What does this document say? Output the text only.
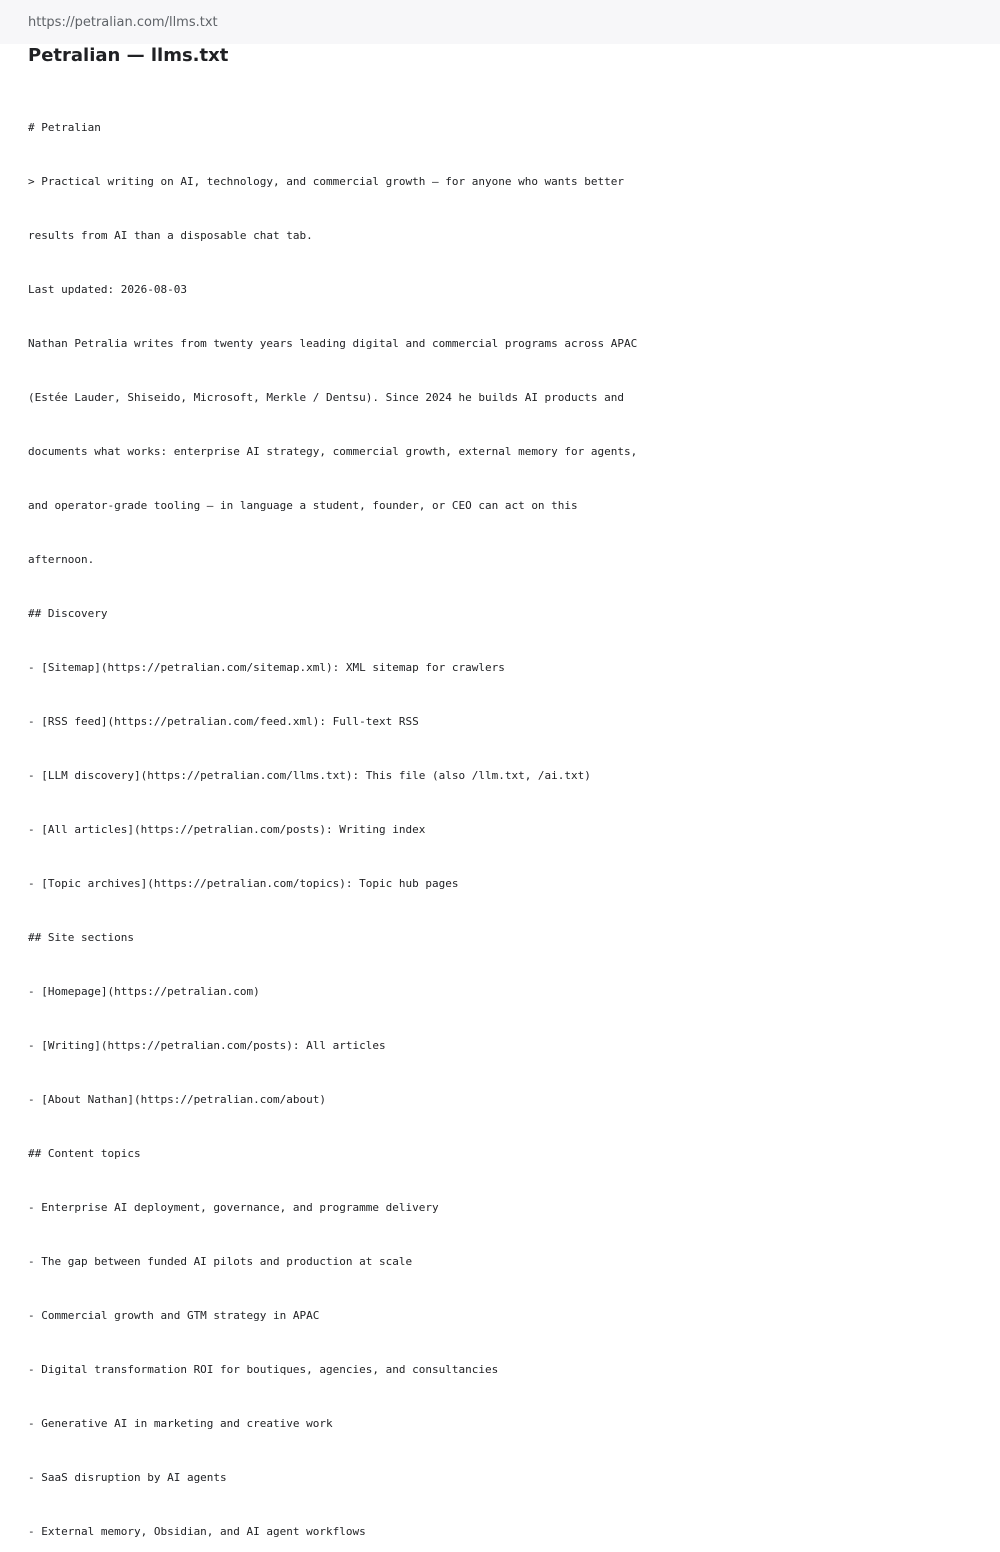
https://petralian.com/llms.txt
Petralian — llms.txt

# Petralian

> Practical writing on AI, technology, and commercial growth — for anyone who wants better

results from AI than a disposable chat tab.

Last updated: 2026-08-03

Nathan Petralia writes from twenty years leading digital and commercial programs across APAC

(Estée Lauder, Shiseido, Microsoft, Merkle / Dentsu). Since 2024 he builds AI products and

documents what works: enterprise AI strategy, commercial growth, external memory for agents,

and operator-grade tooling — in language a student, founder, or CEO can act on this

afternoon.

## Discovery

- [Sitemap](https://petralian.com/sitemap.xml): XML sitemap for crawlers

- [RSS feed](https://petralian.com/feed.xml): Full-text RSS

- [LLM discovery](https://petralian.com/llms.txt): This file (also /llm.txt, /ai.txt)

- [All articles](https://petralian.com/posts): Writing index

- [Topic archives](https://petralian.com/topics): Topic hub pages

## Site sections

- [Homepage](https://petralian.com)

- [Writing](https://petralian.com/posts): All articles

- [About Nathan](https://petralian.com/about)

## Content topics

- Enterprise AI deployment, governance, and programme delivery

- The gap between funded AI pilots and production at scale

- Commercial growth and GTM strategy in APAC

- Digital transformation ROI for boutiques, agencies, and consultancies

- Generative AI in marketing and creative work

- SaaS disruption by AI agents

- External memory, Obsidian, and AI agent workflows
